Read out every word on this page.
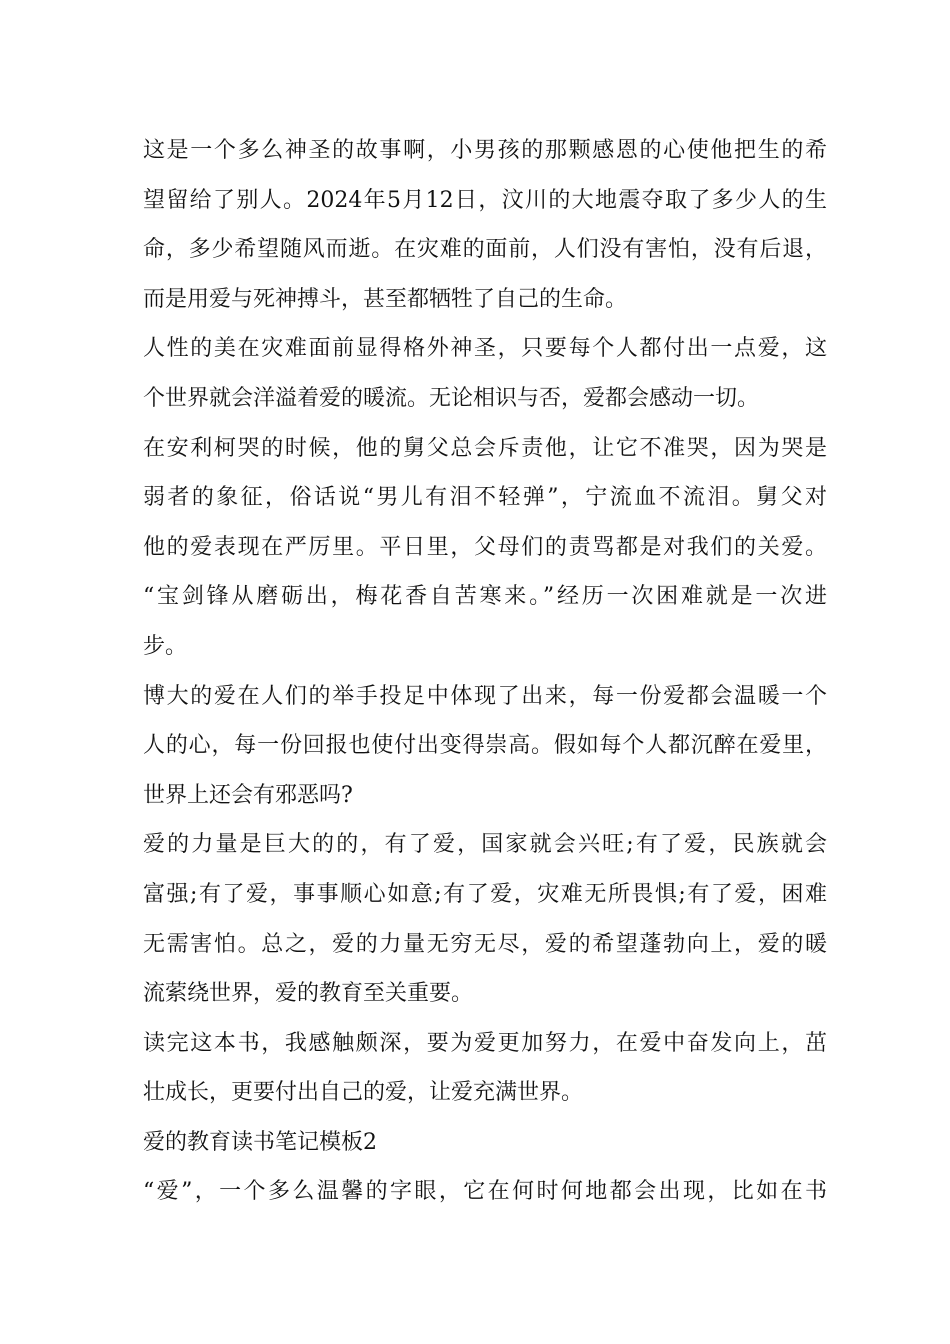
这是一个多么神圣的故事啊，小男孩的那颗感恩的心使他把生的希
望留给了别人。2024年5月12日，汶川的大地震夺取了多少人的生
命，多少希望随风而逝。在灾难的面前，人们没有害怕，没有后退，
而是用爱与死神搏斗，甚至都牺牲了自己的生命。
人性的美在灾难面前显得格外神圣，只要每个人都付出一点爱，这
个世界就会洋溢着爱的暖流。无论相识与否，爱都会感动一切。
在安利柯哭的时候，他的舅父总会斥责他，让它不准哭，因为哭是
弱者的象征，俗话说“男儿有泪不轻弹”，宁流血不流泪。舅父对
他的爱表现在严厉里。平日里，父母们的责骂都是对我们的关爱。
“宝剑锋从磨砺出，梅花香自苦寒来。”经历一次困难就是一次进
步。
博大的爱在人们的举手投足中体现了出来，每一份爱都会温暖一个
人的心，每一份回报也使付出变得崇高。假如每个人都沉醉在爱里，
世界上还会有邪恶吗?
爱的力量是巨大的的，有了爱，国家就会兴旺;有了爱，民族就会
富强;有了爱，事事顺心如意;有了爱，灾难无所畏惧;有了爱，困难
无需害怕。总之，爱的力量无穷无尽，爱的希望蓬勃向上，爱的暖
流萦绕世界，爱的教育至关重要。
读完这本书，我感触颇深，要为爱更加努力，在爱中奋发向上，茁
壮成长，更要付出自己的爱，让爱充满世界。
爱的教育读书笔记模板2
“爱”，一个多么温馨的字眼，它在何时何地都会出现，比如在书
